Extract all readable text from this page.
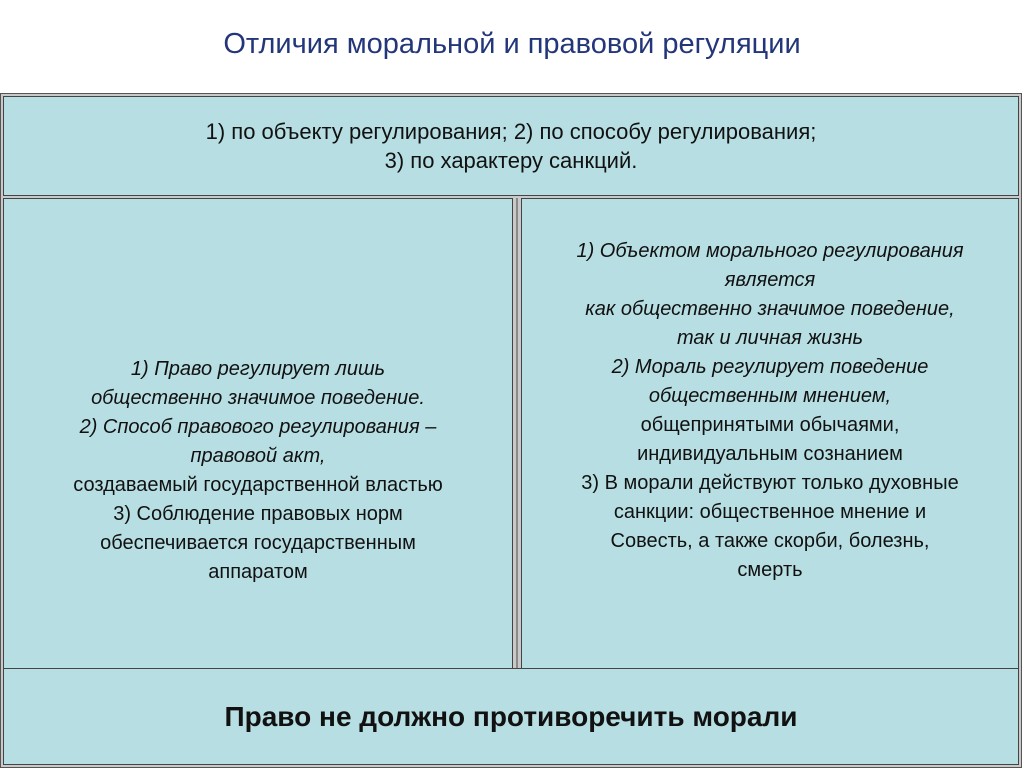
Отличия моральной и правовой регуляции
1) по объекту регулирования; 2) по способу регулирования;
3) по характеру санкций.
1) Право регулирует лишь
общественно значимое поведение.
2) Способ правового регулирования –
правовой акт,
создаваемый государственной властью
3) Соблюдение правовых норм
обеспечивается государственным
аппаратом
1) Объектом морального регулирования
является
как общественно значимое поведение,
так и личная жизнь
2) Мораль регулирует поведение
общественным мнением,
общепринятыми обычаями,
индивидуальным сознанием
3) В морали действуют только духовные
санкции: общественное мнение и
Совесть, а также скорби, болезнь,
смерть
Право не должно противоречить морали
